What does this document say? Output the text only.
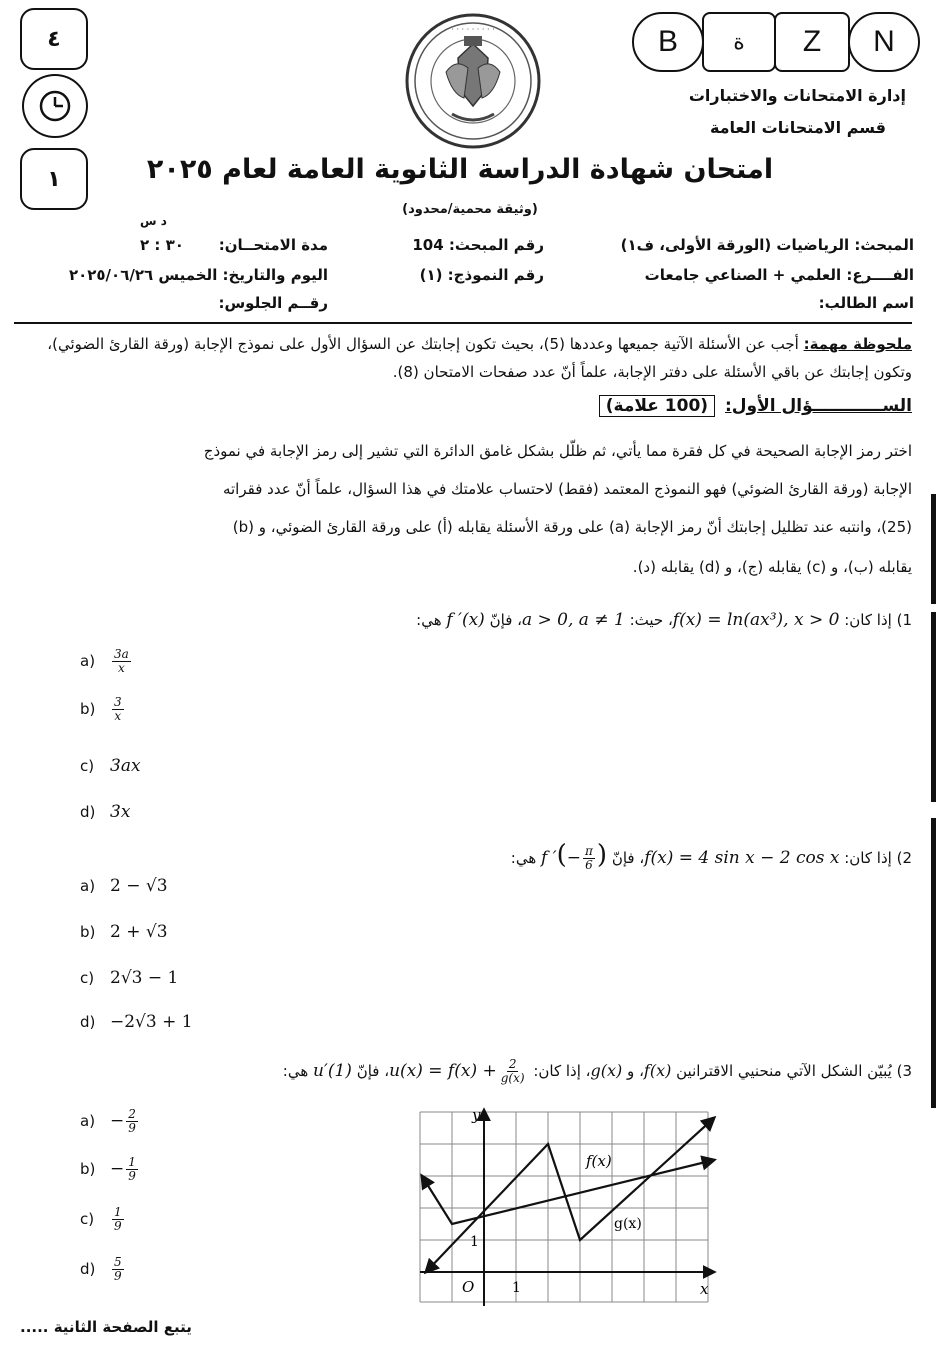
٤
١
· · · · · · · · ·	B	ة Z N
إدارة الامتحانات والاختبارات
قسم الامتحانات العامة
امتحان شهادة الدراسة الثانوية العامة لعام ٢٠٢٥
(وثيقة محمية/محدود)
المبحث: الرياضيات (الورقة الأولى، ف١)
الفــــرع: العلمي + الصناعي جامعات
اسم الطالب:
رقم المبحث: 104
رقم النموذج: (١)
مدة الامتحــان:
د س
٣٠ : ٢
اليوم والتاريخ: الخميس ٢٠٢٥/٠٦/٢٦
رقــم الجلوس:
ملحوظة مهمة: أجب عن الأسئلة الآتية جميعها وعددها (5)، بحيث تكون إجابتك عن السؤال الأول على نموذج الإجابة (ورقة القارئ الضوئي)، وتكون إجابتك عن باقي الأسئلة على دفتر الإجابة، علماً أنّ عدد صفحات الامتحان (8).
الســــــــــــؤال الأول: (100 علامة)
اختر رمز الإجابة الصحيحة في كل فقرة مما يأتي، ثم ظلّل بشكل غامق الدائرة التي تشير إلى رمز الإجابة في نموذج
الإجابة (ورقة القارئ الضوئي) فهو النموذج المعتمد (فقط) لاحتساب علامتك في هذا السؤال، علماً أنّ عدد فقراته
(25)، وانتبه عند تظليل إجابتك أنّ رمز الإجابة (a) على ورقة الأسئلة يقابله (أ) على ورقة القارئ الضوئي، و (b)
يقابله (ب)، و (c) يقابله (ج)، و (d) يقابله (د).
1) إذا كان: f(x) = ln(ax³), x > 0، حيث: a > 0, a ≠ 1، فإنّ f ′(x) هي:
$a) \frac{3a}{x}$
$b) \frac{3}{x}$
c) 3ax
d) 3x
2) إذا كان: f(x) = 4 sin x − 2 cos x، فإنّ f ′(− $\frac{\pi}{6}$ ) هي:
a) 2 − √3
b) 2 + √3
c) 2√3 − 1
d) −2√3 + 1
3) يُبيّن الشكل الآتي منحنيي الاقترانين f(x)، و g(x)، إذا كان: $u(x) = f(x) + \frac{2}{g(x)}$
، فإنّ u′(1) هي:
$a) - \frac{2}{9}$
$b) - \frac{1}{9}$
$c) \frac{1}{9}$
$d) \frac{5}{9}$
y
x
O	1
1
f(x)
g(x)
يتبع الصفحة الثانية .....
